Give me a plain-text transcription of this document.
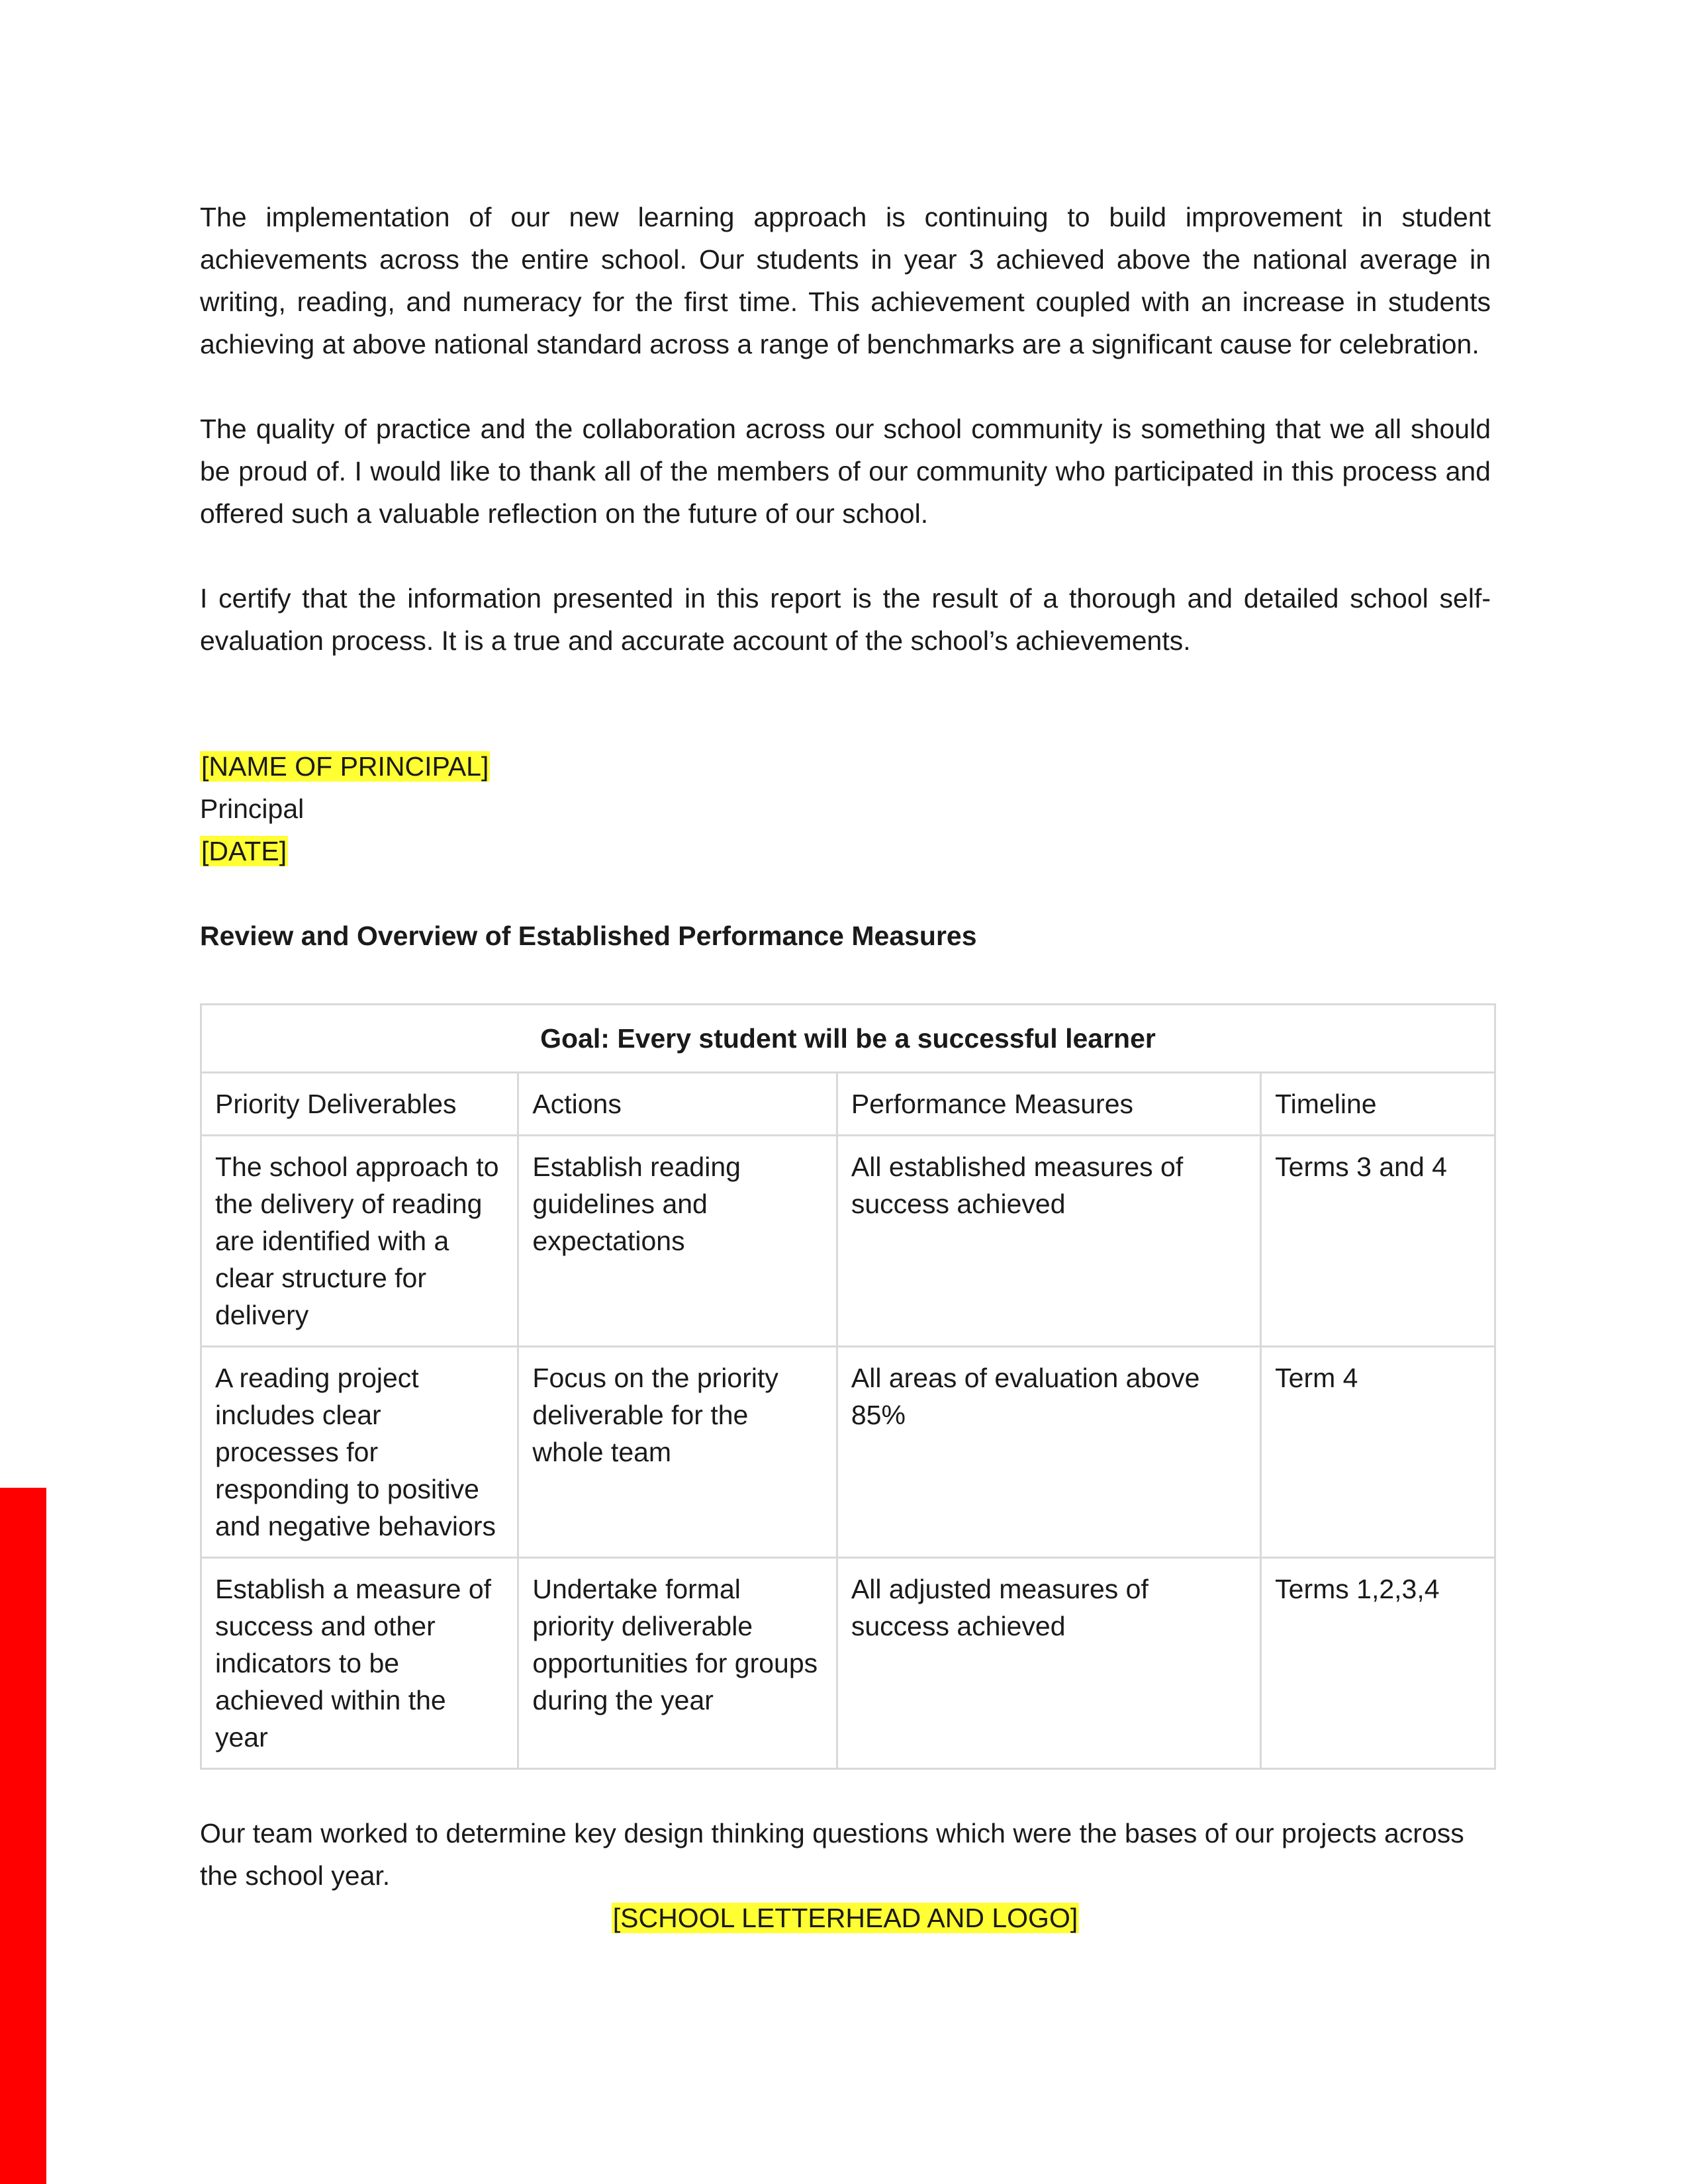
The implementation of our new learning approach is continuing to build improvement in student achievements across the entire school. Our students in year 3 achieved above the national average in writing, reading, and numeracy for the first time. This achievement coupled with an increase in students achieving at above national standard across a range of benchmarks are a significant cause for celebration.

The quality of practice and the collaboration across our school community is something that we all should be proud of. I would like to thank all of the members of our community who participated in this process and offered such a valuable reflection on the future of our school.

I certify that the information presented in this report is the result of a thorough and detailed school self-evaluation process. It is a true and accurate account of the school’s achievements.

[NAME OF PRINCIPAL]
Principal
[DATE]
Review and Overview of Established Performance Measures
Goal: Every student will be a successful learner			
Priority Deliverables	Actions	Performance Measures	Timeline
The school approach to the delivery of reading are identified with a clear structure for delivery	Establish reading guidelines and expectations	All established measures of success achieved	Terms 3 and 4
A reading project includes clear processes for responding to positive and negative behaviors	Focus on the priority deliverable for the whole team	All areas of evaluation above 85%	Term 4
Establish a measure of success and other indicators to be achieved within the year	Undertake formal priority deliverable opportunities for groups during the year	All adjusted measures of success achieved	Terms 1,2,3,4
Our team worked to determine key design thinking questions which were the bases of our projects across the school year.
[SCHOOL LETTERHEAD AND LOGO]
